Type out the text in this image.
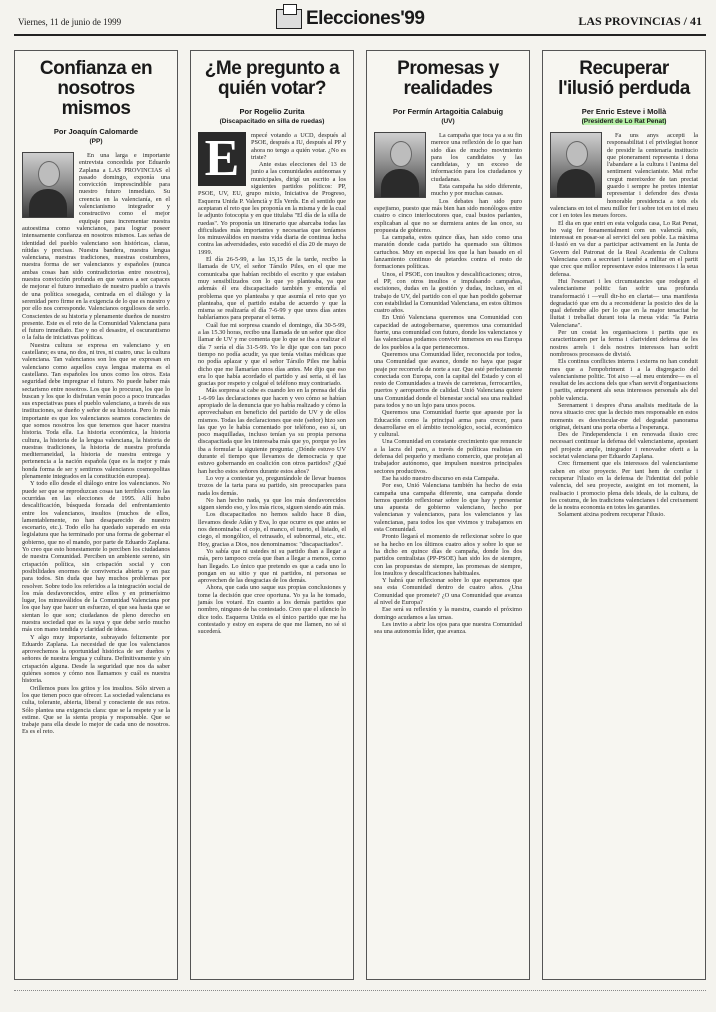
Viernes, 11 de junio de 1999	Elecciones'99	LAS PROVINCIAS / 41
Confianza en nosotros mismos
Por Joaquín Calomarde
(PP)

En una larga e importante entrevista concedida por Eduardo Zaplana a LAS PROVINCIAS el pasado domingo, exponía una convicción imprescindible para nuestro futuro inmediato. Su creencia en la valencianía, en el valencianismo integrador y constructivo como el mejor equipaje para incrementar nuestra autoestima como valencianos, para lograr poseer intensamente confianza en nosotros mismos. Las señas de identidad del pueblo valenciano son históricas, claras, nítidas y precisas. Nuestra bandera, nuestra lengua valenciana, nuestras tradiciones, nuestras costumbres, nuestra forma de ser valencianos y españoles (nunca ambas cosas han sido contradictorias entre nosotros), nuestra convicción profunda en que vamos a ser capaces de mejorar el futuro inmediato de nuestro pueblo a través de una política sosegada, centrada en el diálogo y la serenidad pero firme en la exigencia de lo que es nuestro y por ello nos corresponde. Valencianos orgullosos de serlo. Conscientes de su historia y plenamente dueños de nuestro presente. Este es el reto de la Comunidad Valenciana para el futuro inmediato. Ese y no el desastre, el oscurantismo o la falta de iniciativas políticas.

Nuestra cultura se expresa en valenciano y en castellano; es una, no dos, ni tres, ni cuatro, una: la cultura valenciana. Tan valencianos son los que se expresan en valenciano como aquellos cuya lengua materna es el castellano. Tan españoles los unos como los otros. Esta seguridad debe impregnar el futuro. No puede haber más sectarismo entre nosotros. Los que lo procuran, los que lo buscan y los que lo disfrutan verán poco a poco truncadas sus expectativas pues el pueblo valenciano, a través de sus instituciones, se dueño y señor de su historia. Pero lo más importante es que los valencianos seamos conscientes de que somos nosotros los que tenemos que hacer nuestra historia. Toda ella. La historia económica, la historia cultura, la historia de la lengua valenciana, la historia de nuestras tradiciones, la historia de nuestra profunda mediterraneidad, la historia de nuestra entrega y pertenencia a la nación española (que es la mejor y más honda forma de ser y sentirnos valencianos cosmopolitas plenamente integrados en la constitución europea).

Y todo ello desde el diálogo entre los valencianos. No puede ser que se reproduzcan cosas tan terribles como las ocurridas en las elecciones de 1995. Allí hubo descalificación, búsqueda forzada del enfrentamiento entre los valencianos, insultos (muchos de ellos, lamentablemente, no han desaparecido de nuestro escenario, etc.). Todo ello ha quedado superado en esta legislatura que ha terminado por una forma de gobernar el gobierno, que no el mando, por parte de Eduardo Zaplana. Yo creo que esto honestamente lo perciben los ciudadanos de nuestra Comunidad. Perciben un ambiente sereno, sin crispación política, sin crispación social y con posibilidades enormes de convivencia abierta y en paz para todos. Sin duda que hay muchos problemas por resolver. Sobre todo los referidos a la integración social de los más desfavorecidos, entre ellos y en primerísimo lugar, los minusválidos de la Comunidad Valenciana por los que hay que hacer un esfuerzo, el que sea hasta que se sientan lo que son; ciudadanos de pleno derecho en nuestra sociedad que es la suya y que debe serlo mucho más con mano tendida y claridad de ideas.

Y algo muy importante, subrayado felizmente por Eduardo Zaplana. La necesidad de que los valencianos aprovechemos la oportunidad histórica de ser dueños y señores de nuestra lengua y cultura. Definitivamente y sin crispación alguna. Desde la seguridad que nos da saber quiénes somos y cómo nos llamamos y cuál es nuestra historia.

Orillemos pues los gritos y los insultos. Sólo sirven a los que tienen poco que ofrecer. La sociedad valenciana es culta, tolerante, abierta, liberal y consciente de sus retos. Sólo plantea una exigencia clara: que se la respete y se la estime. Que se la sienta propia y responsable. Que se trabaje para ella desde lo mejor de cada uno de nosotros. Es es el reto.

¿Me pregunto a quién votar?
Por Rogelio Zurita
(Discapacitado en silla de ruedas)
E	mpecé votando a UCD, después al PSOE, después a IU, después al PP y ahora no tengo a quién votar. ¿No es triste?

Ante estas elecciones del 13 de junio a las comunidades autónomas y municipales, dirigí un escrito a los siguientes partidos políticos: PP, PSOE, UV, EU, grupo mixto, Iniciativa de Progreso, Esquerra Unida P. Valencià y Els Verds. En el sentido que aceptaran el reto que les proponía en la misma y de la cual le adjunto fotocopia y en que titulaba "El día de la silla de ruedas". Yo proponía un itinerario que abarcaba todas las dificultades más importantes y necesarias que teníamos los minusválidos en nuestra vida diaria de continua lucha contra las adversidades, esto sucedió el día 20 de mayo de 1999.

El día 26-5-99, a las 15,15 de la tarde, recibo la llamada de UV, el señor Társilo Piles, en el que me comunicaba que habían recibido el escrito y que estaban muy sensibilizados con lo que yo planteaba, ya que además él era discapacitado también y entendía el problema que yo planteaba y que asumía el reto que yo planteaba, que el partido estaba de acuerdo y que la misma se realizaría el día 7-6-99 y que unos días antes hablaríamos para preparar el tema.

Cuál fue mi sorpresa cuando el domingo, día 30-5-99, a las 15.30 horas, recibo una llamada de un señor que dice llamar de UV y me comenta que lo que se iba a realizar el día 7 sería el día 31-5-99. Yo le dije que con tan poco tiempo no podía acudir, ya que tenía visitas médicas que no podía aplazar y que el señor Társilo Piles me había dicho que me llamarían unos días antes. Me dijo que eso era lo que había acordado el partido y así sería, si él las gracias por respeto y colgué el teléfono muy contrariado.

Más sorpresa si cabe es cuando leo en la prensa del día 1-6-99 las declaraciones que hacen y veo cómo se habían apropiado de la denuncia que yo había realizado y cómo la aprovechaban en beneficio del partido de UV y de ellos mismos. Todas las declaraciones que este (señor) hizo son las que yo le había comentado por teléfono, eso sí, un poco maquilladas, incluso tenían ya su propia persona discapacitada que les interesaba más que yo, porque yo les iba a formular la siguiente pregunta: ¿Dónde estuvo UV durante el tiempo que llevamos de democracia y que estuvo gobernando en coalición con otros partidos? ¿Qué han hecho estos señores durante estos años?

Lo voy a contestar yo, preguntándole de llevar buenos trozos de la tarta para su partido, sin preocuparles para nada los demás.

No han hecho nada, ya que los más desfavorecidos siguen siendo eso, y los más ricos, siguen siendo aún más.

Los discapacitados no hemos salido hace 8 días, llevamos desde Adán y Eva, lo que ocurre es que antes se nos denominaba: el cojo, el manco, el tuerto, el lisiado, el ciego, el mongólico, el retrasado, el subnormal, etc., etc. Hoy, gracias a Dios, nos denominamos: "discapacitados".

Yo sabía que ni ustedes ni su partido iban a llegar a más, pero tampoco creía que iban a llegar a menos, como han llegado. Lo único que pretendo es que a cada uno lo pongan en su sitio y que ni partidos, ni personas se aprovechen de las desgracias de los demás.

Ahora, que cada uno saque sus propias conclusiones y tome la decisión que cree oportuna. Yo ya la he tomado, jamás los votaré. En cuanto a los demás partidos que nombro, ninguno de ha contestado. Creo que el silencio lo dice todo. Esquerra Unida es el único partido que me ha contestado y estoy en espera de que me llamen, no sé si sucederá.

Promesas y realidades
Por Fermín Artagoitia Calabuig
(UV)

La campaña que toca ya a su fin merece una reflexión de lo que han sido días de mucho movimiento para los candidatos y las candidatas, y un exceso de información para los ciudadanos y ciudadanas.

Esta campaña ha sido diferente, mucho y por muchas causas.

Los debates han sido puro espejismo, puesto que más bien han sido monólogos entre cuatro o cinco interlocutores que, cual bustos parlantes, explicaban al que no se durmiera antes de las once, su propuesta de gobierno.

La campaña, estos quince días, han sido como una maratón donde cada partido ha quemado sus últimos cartuchos. Muy en especial los que la han basado en el lanzamiento continuo de petardos contra el resto de formaciones políticas.

Unos, el PSOE, con insultos y descalificaciones; otros, el PP, con otros insultos e impulsando campañas, escisiones, dudas en la gestión y dudas, incluso, en el trabajo de UV, del partido con el que han podido gobernar con estabilidad la Comunidad Valenciana, en estos últimos cuatro años.

En Unió Valenciana queremos una Comunidad con capacidad de autogobernarse, queremos una comunidad fuerte, una comunidad con futuro, donde los valencianos y las valencianas podamos convivir inmersos en esa Europa de los pueblos a la que pertenecemos.

Queremos una Comunidad líder, reconocida por todos, una Comunidad que avance, donde no haya que pagar peaje por recorrerla de norte a sur. Que esté perfectamente conectada con Europa, con la capital del Estado y con el resto de Comunidades a través de carreteras, ferrocarriles, puertos y aeropuertos de calidad. Unió Valenciana quiere una Comunidad donde el bienestar social sea una realidad para todos y no un lujo para unos pocos.

Queremos una Comunidad fuerte que apueste por la Educación como la principal arma para crecer, para desarrollarse en el ámbito tecnológico, social, económico y cultural.

Una Comunidad en constante crecimiento que renuncie a la lacra del paro, a través de políticas realistas en defensa del pequeño y mediano comercio, que protejan al trabajador autónomo, que impulsen nuestros principales sectores productivos.

Ese ha sido nuestro discurso en esta Campaña.

Por eso, Unió Valenciana también ha hecho de esta campaña una campaña diferente, una campaña donde hemos querido reflexionar sobre lo que hay y presentar una apuesta de gobierno valenciano, hecho por valencianas y valencianos, para los valencianos y las valencianas, para todos los que vivimos y trabajamos en esta Comunidad.

Pronto llegará el momento de reflexionar sobre lo que se ha hecho en los últimos cuatro años y sobre lo que se ha dicho en quince días de campaña, donde los dos partidos centralistas (PP-PSOE) han sido los de siempre, con las propuestas de siempre, las promesas de siempre, los insultos y descalificaciones habituales.

Y habrá que reflexionar sobre lo que esperamos que sea esta Comunidad dentro de cuatro años. ¿Una Comunidad que promete? ¿O una Comunidad que avanza al nivel de Europa?

Ese será su reflexión y la nuestra, cuando el próximo domingo acudamos a las urnas.

Les invito a abrir los ojos para que nuestra Comunidad sea una autonomía líder, que avanza.

Recuperar l'ilusió perduda
Per Enric Esteve i Mollà
(President de Lo Rat Penat)

Fa uns anys accepti la responsabilitat i el privilegiat honor de presidir la centenaria institucio que pionerament representa i dona l'abandare a la cultura i l'anima del sentiment valencianiste. Mai m'he cregut mereixedor de tan preciat guardo i sempre he pretes intentar representar i defendre des d'esta honorable presidencia a tots els valencians en tot el meu millor fer i sobre tot en tot el meu cor i en totes les meues forces.

El dia en que entri en esta volguda casa, Lo Rat Penat, ho vaig fer fonamentalment com un valencià més, interessat en posar-se al servici del seu poble. La màxima il·lusió en va dur a participar activament en la Junta de Govern del Patronat de la Real Academia de Cultura Valenciana com a secretari i també a militar en el partit que crec que millor representave estos interessos i la seua defensa.

Hui l'escenari i les circumstancies que rodegen el valencianisme politic fan sofrir una profunda transformació i —vull dir-ho en clartat— una manifesta degradació que em du a reconsiderar la posicio des de la qual defendre allo per lo que en la major tenacitat he lluitat i treballat durant tota la meua vida: "la Patria Valenciana".

Per un costat les organisacions i partits que es caracteritzaren per la ferma i clarivident defensa de les nostres arrels i dels nostres interessos han sofrit nombrosos processos de divisió.

Els continus conflictes interns i externs no han conduit mes que a l'empobriment i a la disgregacio del valencianisme politic. Tot aixo —al meu entendre— es el resultat de les accions dels que s'han servit d'organisacions i partits, anteponent als seus interessos personals als del poble valencia.

Serenament i despres d'una analisis meditada de la nova situacio crec que la decisio mes responsable en estos moments es desvincular-me del degradat panorama originat, deixant una porta oberta a l'esperança.

Des de l'independencia i en renovada ilusio crec necessari continuar la defensa del valencianisme, apostant pel projecte ample, integrador i renovador oferit a la societat valenciana per Eduardo Zaplana.

Crec firmement que els interessos del valencianisme caben en eixe proyecte. Per tant hem de confiar i recuperar l'ilusio en la defensa de l'identitat del poble valencia, del seu proyecte, assigint en tot moment, la realisacio i promocio plena dels ideals, de la cultura, de les costums, de les tradicions valencianes i del creixement de la nostra economia en totes les garanties.

Solament aixina podrem recuperar l'ilusio.
